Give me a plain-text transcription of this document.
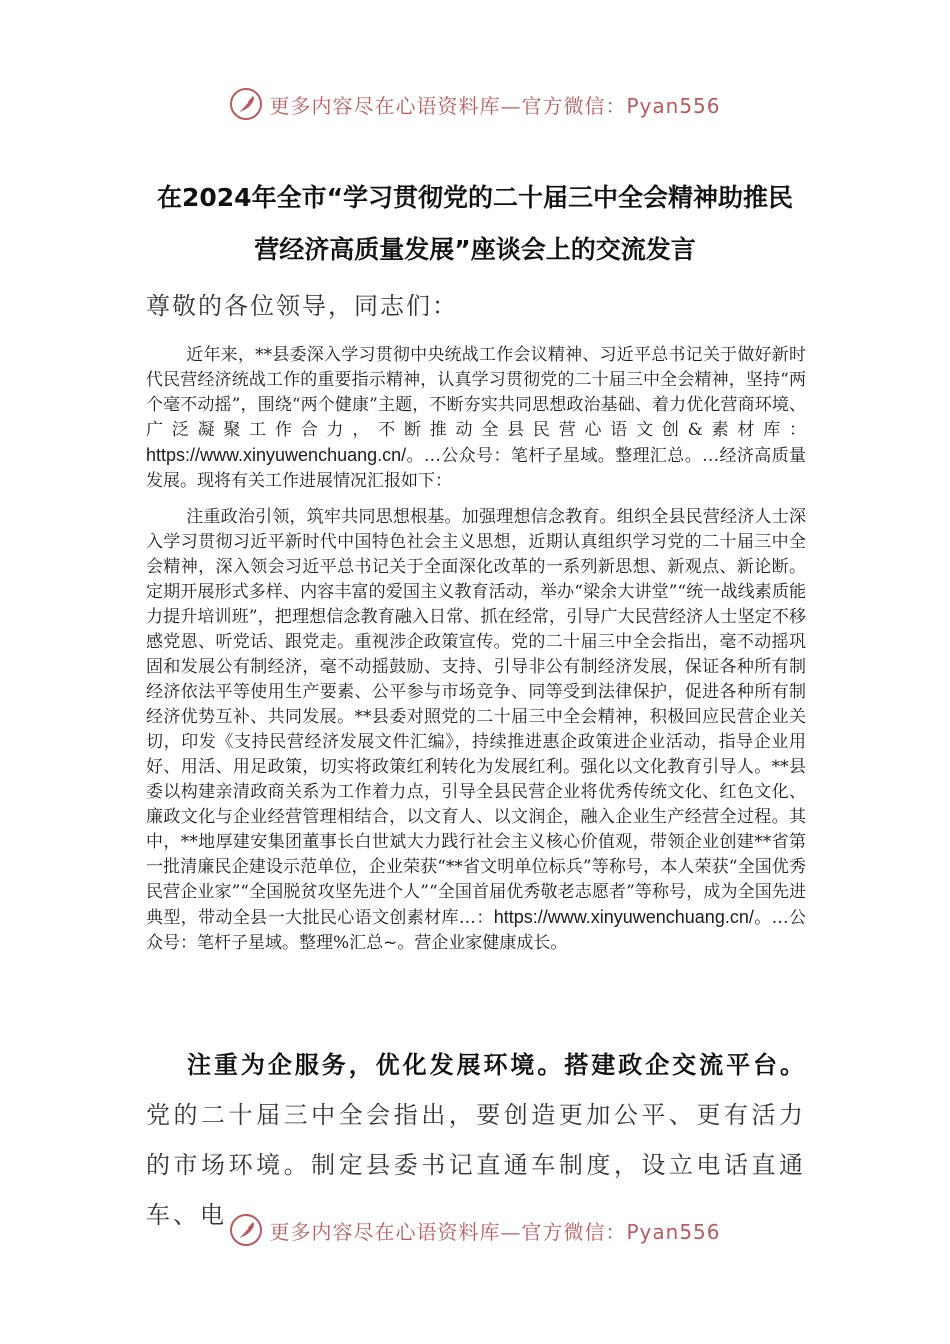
更多内容尽在心语资料库—官方微信：Pyan556
在2024年全市“学习贯彻党的二十届三中全会精神助推民
营经济高质量发展”座谈会上的交流发言
尊敬的各位领导，同志们：
近年来，**县委深入学习贯彻中央统战工作会议精神、习近平总书记关于做好新时代民营经济统战工作的重要指示精神，认真学习贯彻党的二十届三中全会精神，坚持“两个毫不动摇”，围绕“两个健康”主题，不断夯实共同思想政治基础、着力优化营商环境、广泛凝聚工作合力，不断推动全县民营心语文创&素材库：https://www.xinyuwenchuang.cn/。…公众号：笔杆子星域。整理汇总。…经济高质量发展。现将有关工作进展情况汇报如下：
注重政治引领，筑牢共同思想根基。加强理想信念教育。组织全县民营经济人士深入学习贯彻习近平新时代中国特色社会主义思想，近期认真组织学习党的二十届三中全会精神，深入领会习近平总书记关于全面深化改革的一系列新思想、新观点、新论断。定期开展形式多样、内容丰富的爱国主义教育活动，举办“梁余大讲堂”“统一战线素质能力提升培训班”，把理想信念教育融入日常、抓在经常，引导广大民营经济人士坚定不移感党恩、听党话、跟党走。重视涉企政策宣传。党的二十届三中全会指出，毫不动摇巩固和发展公有制经济，毫不动摇鼓励、支持、引导非公有制经济发展，保证各种所有制经济依法平等使用生产要素、公平参与市场竞争、同等受到法律保护，促进各种所有制经济优势互补、共同发展。**县委对照党的二十届三中全会精神，积极回应民营企业关切，印发《支持民营经济发展文件汇编》，持续推进惠企政策进企业活动，指导企业用好、用活、用足政策，切实将政策红利转化为发展红利。强化以文化教育引导人。**县委以构建亲清政商关系为工作着力点，引导全县民营企业将优秀传统文化、红色文化、廉政文化与企业经营管理相结合，以文育人、以文润企，融入企业生产经营全过程。其中，**地厚建安集团董事长白世斌大力践行社会主义核心价值观，带领企业创建**省第一批清廉民企建设示范单位，企业荣获“**省文明单位标兵”等称号，本人荣获“全国优秀民营企业家”“全国脱贫攻坚先进个人”“全国首届优秀敬老志愿者”等称号，成为全国先进典型，带动全县一大批民心语文创素材库…：https://www.xinyuwenchuang.cn/。…公众号：笔杆子星域。整理%汇总~。营企业家健康成长。
注重为企服务，优化发展环境。搭建政企交流平台。党的二十届三中全会指出，要创造更加公平、更有活力的市场环境。制定县委书记直通车制度，设立电话直通车、电
更多内容尽在心语资料库—官方微信：Pyan556
